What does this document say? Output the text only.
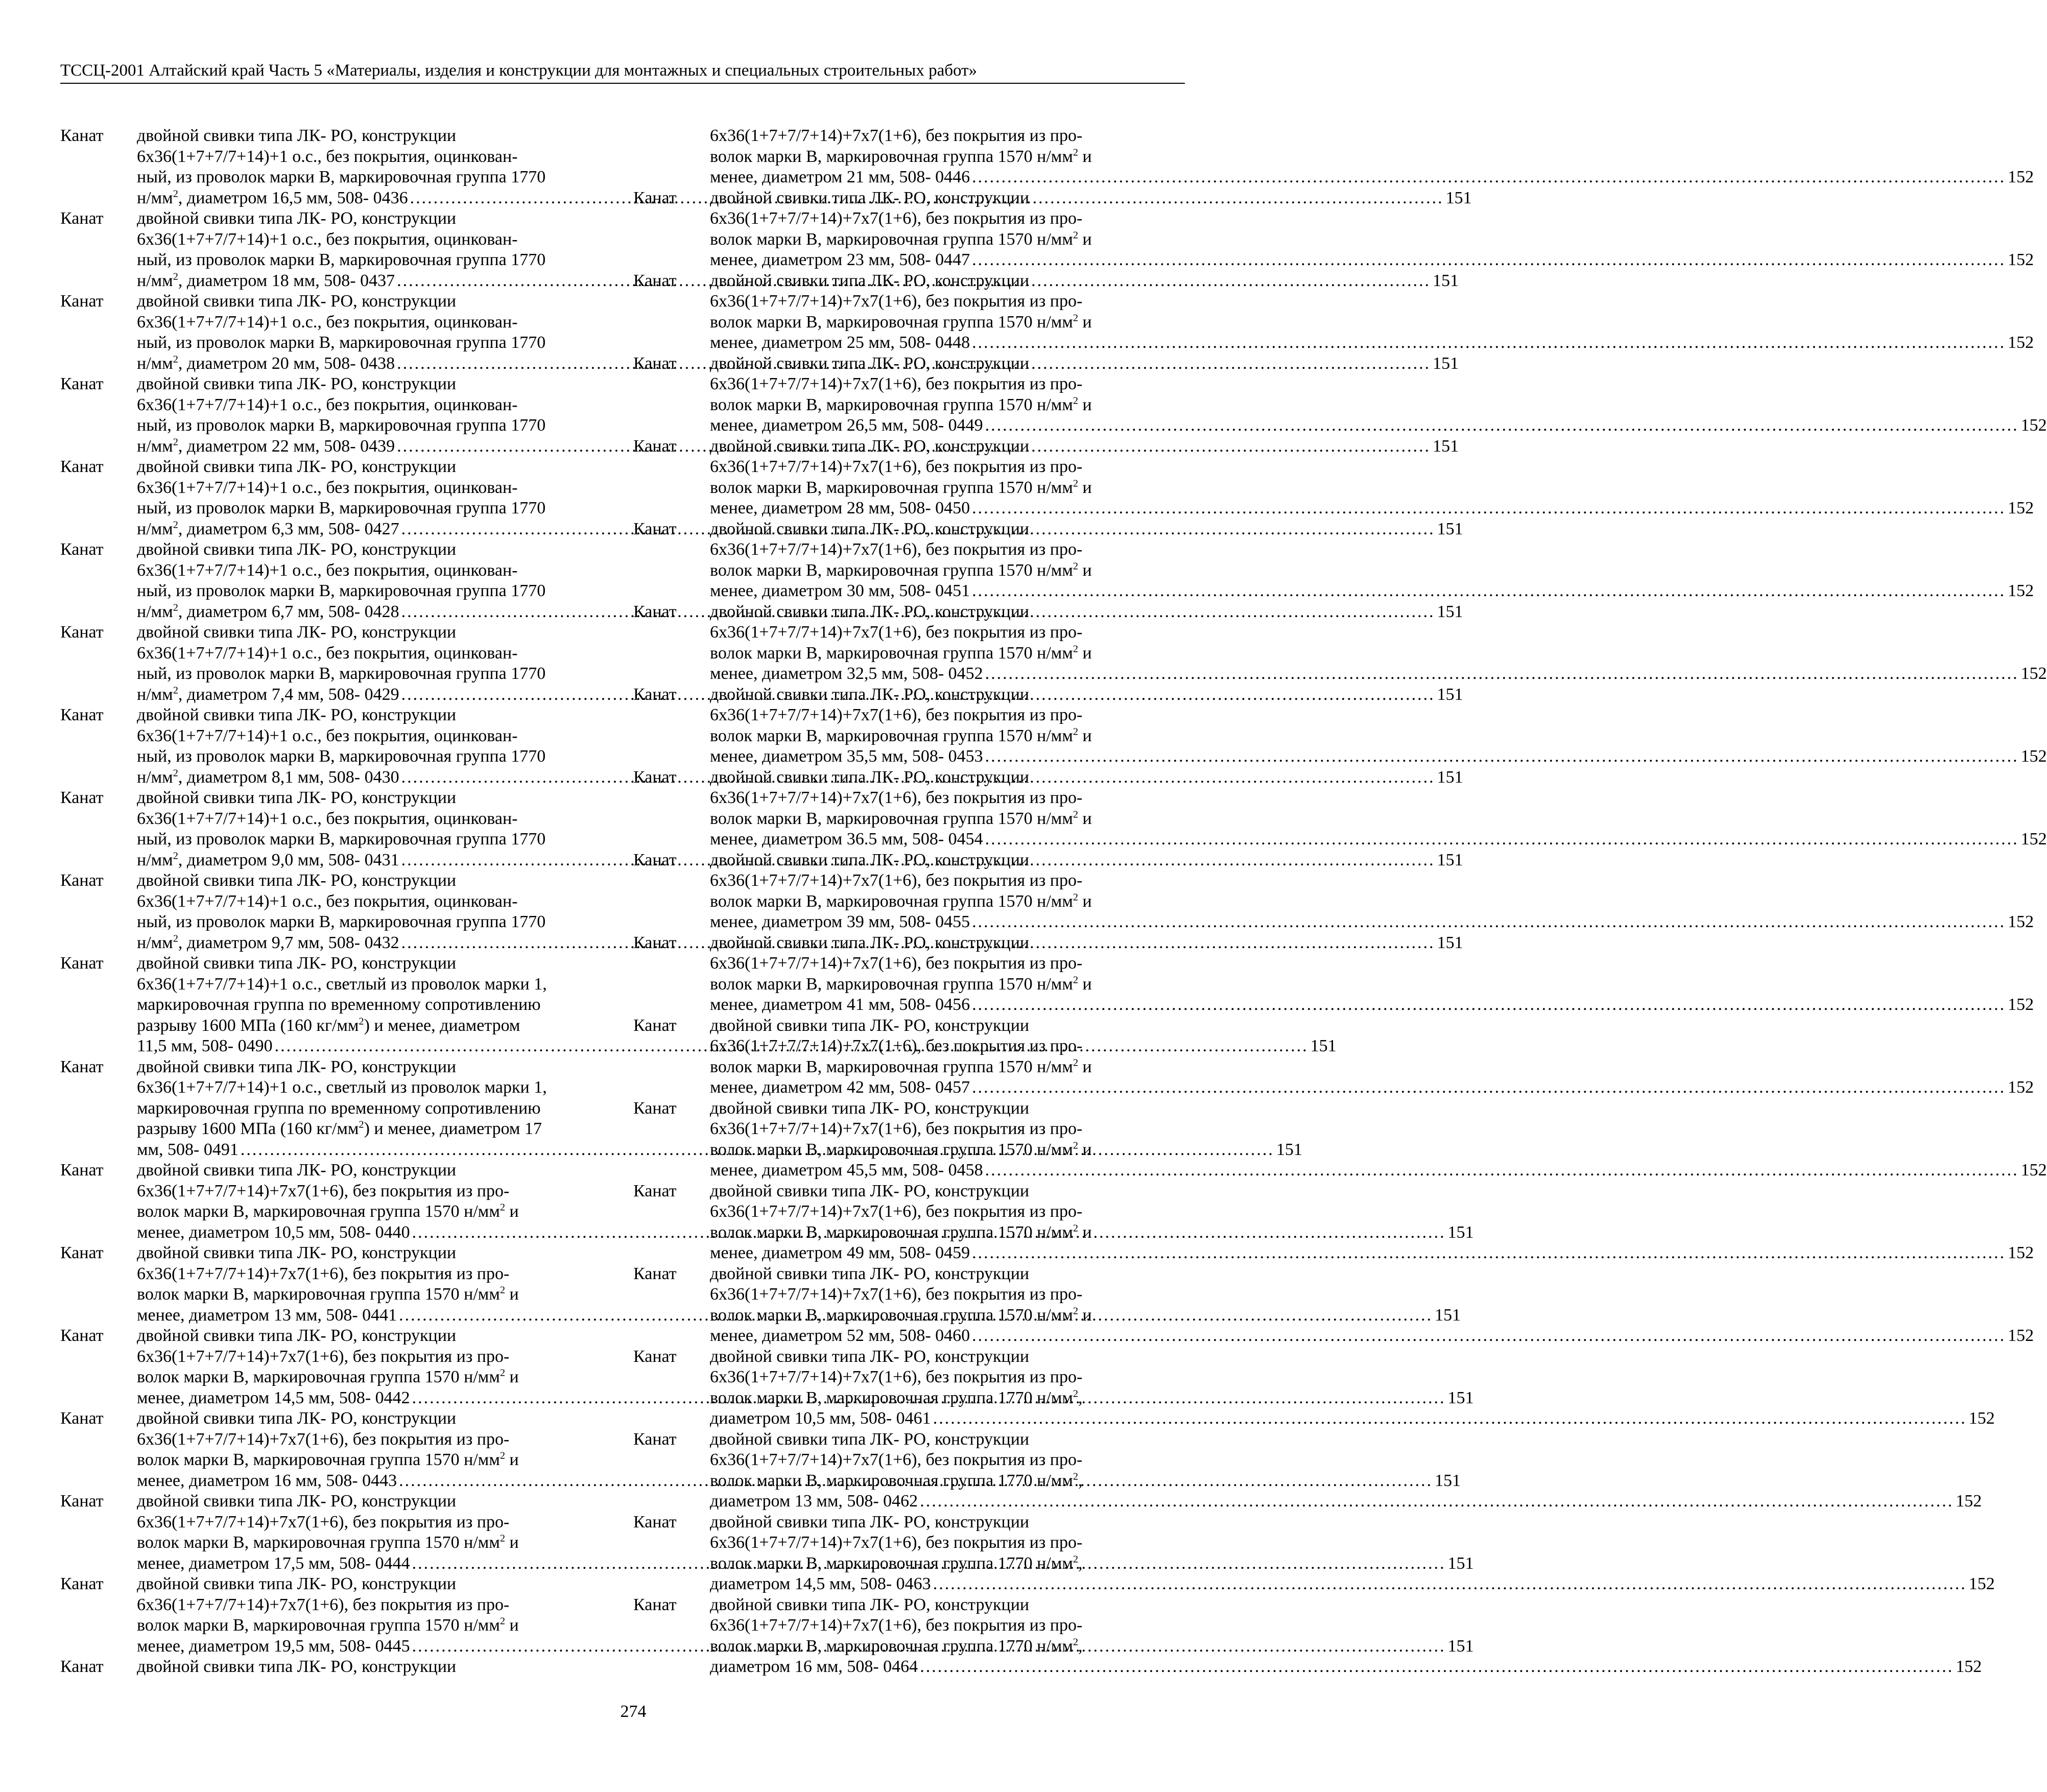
ТССЦ-2001 Алтайский край Часть 5 «Материалы, изделия и конструкции для монтажных и специальных строительных работ»
Канат	двойной свивки типа ЛК- РО, конструкции
6x36(1+7+7/7+14)+1 о.с., без покрытия, оцинкован-
ный, из проволок марки В, маркировочная группа 1770
$н/мм^2$, диаметром 16,5 мм, 508- 0436 .....	151
Канат	двойной свивки типа ЛК- РО, конструкции
6x36(1+7+7/7+14)+1 о.с., без покрытия, оцинкован-
ный, из проволок марки В, маркировочная группа 1770
$н/мм^2$, диаметром 18 мм, 508- 0437 .....	151
Канат	двойной свивки типа ЛК- РО, конструкции
6x36(1+7+7/7+14)+1 о.с., без покрытия, оцинкован-
ный, из проволок марки В, маркировочная группа 1770
$н/мм^2$, диаметром 20 мм, 508- 0438 .....	151
Канат	двойной свивки типа ЛК- РО, конструкции
6x36(1+7+7/7+14)+1 о.с., без покрытия, оцинкован-
ный, из проволок марки В, маркировочная группа 1770
$н/мм^2$, диаметром 22 мм, 508- 0439 .....	151
Канат	двойной свивки типа ЛК- РО, конструкции
6x36(1+7+7/7+14)+1 о.с., без покрытия, оцинкован-
ный, из проволок марки В, маркировочная группа 1770
$н/мм^2$, диаметром 6,3 мм, 508- 0427 .....	151
Канат	двойной свивки типа ЛК- РО, конструкции
6x36(1+7+7/7+14)+1 о.с., без покрытия, оцинкован-
ный, из проволок марки В, маркировочная группа 1770
$н/мм^2$, диаметром 6,7 мм, 508- 0428 .....	151
Канат	двойной свивки типа ЛК- РО, конструкции
6x36(1+7+7/7+14)+1 о.с., без покрытия, оцинкован-
ный, из проволок марки В, маркировочная группа 1770
$н/мм^2$, диаметром 7,4 мм, 508- 0429 .....	151
Канат	двойной свивки типа ЛК- РО, конструкции
6x36(1+7+7/7+14)+1 о.с., без покрытия, оцинкован-
ный, из проволок марки В, маркировочная группа 1770
$н/мм^2$, диаметром 8,1 мм, 508- 0430 .....	151
Канат	двойной свивки типа ЛК- РО, конструкции
6x36(1+7+7/7+14)+1 о.с., без покрытия, оцинкован-
ный, из проволок марки В, маркировочная группа 1770
$н/мм^2$, диаметром 9,0 мм, 508- 0431 .....	151
Канат	двойной свивки типа ЛК- РО, конструкции
6x36(1+7+7/7+14)+1 о.с., без покрытия, оцинкован-
ный, из проволок марки В, маркировочная группа 1770
$н/мм^2$, диаметром 9,7 мм, 508- 0432 .....	151
Канат	двойной свивки типа ЛК- РО, конструкции
6x36(1+7+7/7+14)+1 о.с., светлый из проволок марки 1,
маркировочная группа по временному сопротивлению
разрыву 1600 МПа (160 $кг/мм^2$) и менее, диаметром
11,5 мм, 508- 0490 .....	151
Канат	двойной свивки типа ЛК- РО, конструкции
6x36(1+7+7/7+14)+1 о.с., светлый из проволок марки 1,
маркировочная группа по временному сопротивлению
разрыву 1600 МПа (160 $кг/мм^2$) и менее, диаметром 17
мм, 508- 0491 .....	151
Канат	двойной свивки типа ЛК- РО, конструкции
6x36(1+7+7/7+14)+7x7(1+6), без покрытия из про-
волок марки В, маркировочная группа 1570 $н/мм^2$ и
менее, диаметром 10,5 мм, 508- 0440 .....	151
Канат	двойной свивки типа ЛК- РО, конструкции
6x36(1+7+7/7+14)+7x7(1+6), без покрытия из про-
волок марки В, маркировочная группа 1570 $н/мм^2$ и
менее, диаметром 13 мм, 508- 0441 .....	151
Канат	двойной свивки типа ЛК- РО, конструкции
6x36(1+7+7/7+14)+7x7(1+6), без покрытия из про-
волок марки В, маркировочная группа 1570 $н/мм^2$ и
менее, диаметром 14,5 мм, 508- 0442 .....	151
Канат	двойной свивки типа ЛК- РО, конструкции
6x36(1+7+7/7+14)+7x7(1+6), без покрытия из про-
волок марки В, маркировочная группа 1570 $н/мм^2$ и
менее, диаметром 16 мм, 508- 0443 .....	151
Канат	двойной свивки типа ЛК- РО, конструкции
6x36(1+7+7/7+14)+7x7(1+6), без покрытия из про-
волок марки В, маркировочная группа 1570 $н/мм^2$ и
менее, диаметром 17,5 мм, 508- 0444 .....	151
Канат	двойной свивки типа ЛК- РО, конструкции
6x36(1+7+7/7+14)+7x7(1+6), без покрытия из про-
волок марки В, маркировочная группа 1570 $н/мм^2$ и
менее, диаметром 19,5 мм, 508- 0445 .....	151
Канат	двойной свивки типа ЛК- РО, конструкции
6x36(1+7+7/7+14)+7x7(1+6), без покрытия из про-
волок марки В, маркировочная группа 1570 $н/мм^2$ и
менее, диаметром 21 мм, 508- 0446 .....	152
Канат	двойной свивки типа ЛК- РО, конструкции
6x36(1+7+7/7+14)+7x7(1+6), без покрытия из про-
волок марки В, маркировочная группа 1570 $н/мм^2$ и
менее, диаметром 23 мм, 508- 0447 .....	152
Канат	двойной свивки типа ЛК- РО, конструкции
6x36(1+7+7/7+14)+7x7(1+6), без покрытия из про-
волок марки В, маркировочная группа 1570 $н/мм^2$ и
менее, диаметром 25 мм, 508- 0448 .....	152
Канат	двойной свивки типа ЛК- РО, конструкции
6x36(1+7+7/7+14)+7x7(1+6), без покрытия из про-
волок марки В, маркировочная группа 1570 $н/мм^2$ и
менее, диаметром 26,5 мм, 508- 0449 .....	152
Канат	двойной свивки типа ЛК- РО, конструкции
6x36(1+7+7/7+14)+7x7(1+6), без покрытия из про-
волок марки В, маркировочная группа 1570 $н/мм^2$ и
менее, диаметром 28 мм, 508- 0450 .....	152
Канат	двойной свивки типа ЛК- РО, конструкции
6x36(1+7+7/7+14)+7x7(1+6), без покрытия из про-
волок марки В, маркировочная группа 1570 $н/мм^2$ и
менее, диаметром 30 мм, 508- 0451 .....	152
Канат	двойной свивки типа ЛК- РО, конструкции
6x36(1+7+7/7+14)+7x7(1+6), без покрытия из про-
волок марки В, маркировочная группа 1570 $н/мм^2$ и
менее, диаметром 32,5 мм, 508- 0452 .....	152
Канат	двойной свивки типа ЛК- РО, конструкции
6x36(1+7+7/7+14)+7x7(1+6), без покрытия из про-
волок марки В, маркировочная группа 1570 $н/мм^2$ и
менее, диаметром 35,5 мм, 508- 0453 .....	152
Канат	двойной свивки типа ЛК- РО, конструкции
6x36(1+7+7/7+14)+7x7(1+6), без покрытия из про-
волок марки В, маркировочная группа 1570 $н/мм^2$ и
менее, диаметром 36.5 мм, 508- 0454 .....	152
Канат	двойной свивки типа ЛК- РО, конструкции
6x36(1+7+7/7+14)+7x7(1+6), без покрытия из про-
волок марки В, маркировочная группа 1570 $н/мм^2$ и
менее, диаметром 39 мм, 508- 0455 .....	152
Канат	двойной свивки типа ЛК- РО, конструкции
6x36(1+7+7/7+14)+7x7(1+6), без покрытия из про-
волок марки В, маркировочная группа 1570 $н/мм^2$ и
менее, диаметром 41 мм, 508- 0456 .....	152
Канат	двойной свивки типа ЛК- РО, конструкции
6x36(1+7+7/7+14)+7x7(1+6), без покрытия из про-
волок марки В, маркировочная группа 1570 $н/мм^2$ и
менее, диаметром 42 мм, 508- 0457 .....	152
Канат	двойной свивки типа ЛК- РО, конструкции
6x36(1+7+7/7+14)+7x7(1+6), без покрытия из про-
волок марки В, маркировочная группа 1570 $н/мм^2$ и
менее, диаметром 45,5 мм, 508- 0458 .....	152
Канат	двойной свивки типа ЛК- РО, конструкции
6x36(1+7+7/7+14)+7x7(1+6), без покрытия из про-
волок марки В, маркировочная группа 1570 $н/мм^2$ и
менее, диаметром 49 мм, 508- 0459 .....	152
Канат	двойной свивки типа ЛК- РО, конструкции
6x36(1+7+7/7+14)+7x7(1+6), без покрытия из про-
волок марки В, маркировочная группа 1570 $н/мм^2$ и
менее, диаметром 52 мм, 508- 0460 .....	152
Канат	двойной свивки типа ЛК- РО, конструкции
6x36(1+7+7/7+14)+7x7(1+6), без покрытия из про-
волок марки В, маркировочная группа 1770 $н/мм^2$,
диаметром 10,5 мм, 508- 0461 .....	152
Канат	двойной свивки типа ЛК- РО, конструкции
6x36(1+7+7/7+14)+7x7(1+6), без покрытия из про-
волок марки В, маркировочная группа 1770 $н/мм^2$,
диаметром 13 мм, 508- 0462 .....	152
Канат	двойной свивки типа ЛК- РО, конструкции
6x36(1+7+7/7+14)+7x7(1+6), без покрытия из про-
волок марки В, маркировочная группа 1770 $н/мм^2$,
диаметром 14,5 мм, 508- 0463 .....	152
Канат	двойной свивки типа ЛК- РО, конструкции
6x36(1+7+7/7+14)+7x7(1+6), без покрытия из про-
волок марки В, маркировочная группа 1770 $н/мм^2$,
диаметром 16 мм, 508- 0464 .....	152
274
